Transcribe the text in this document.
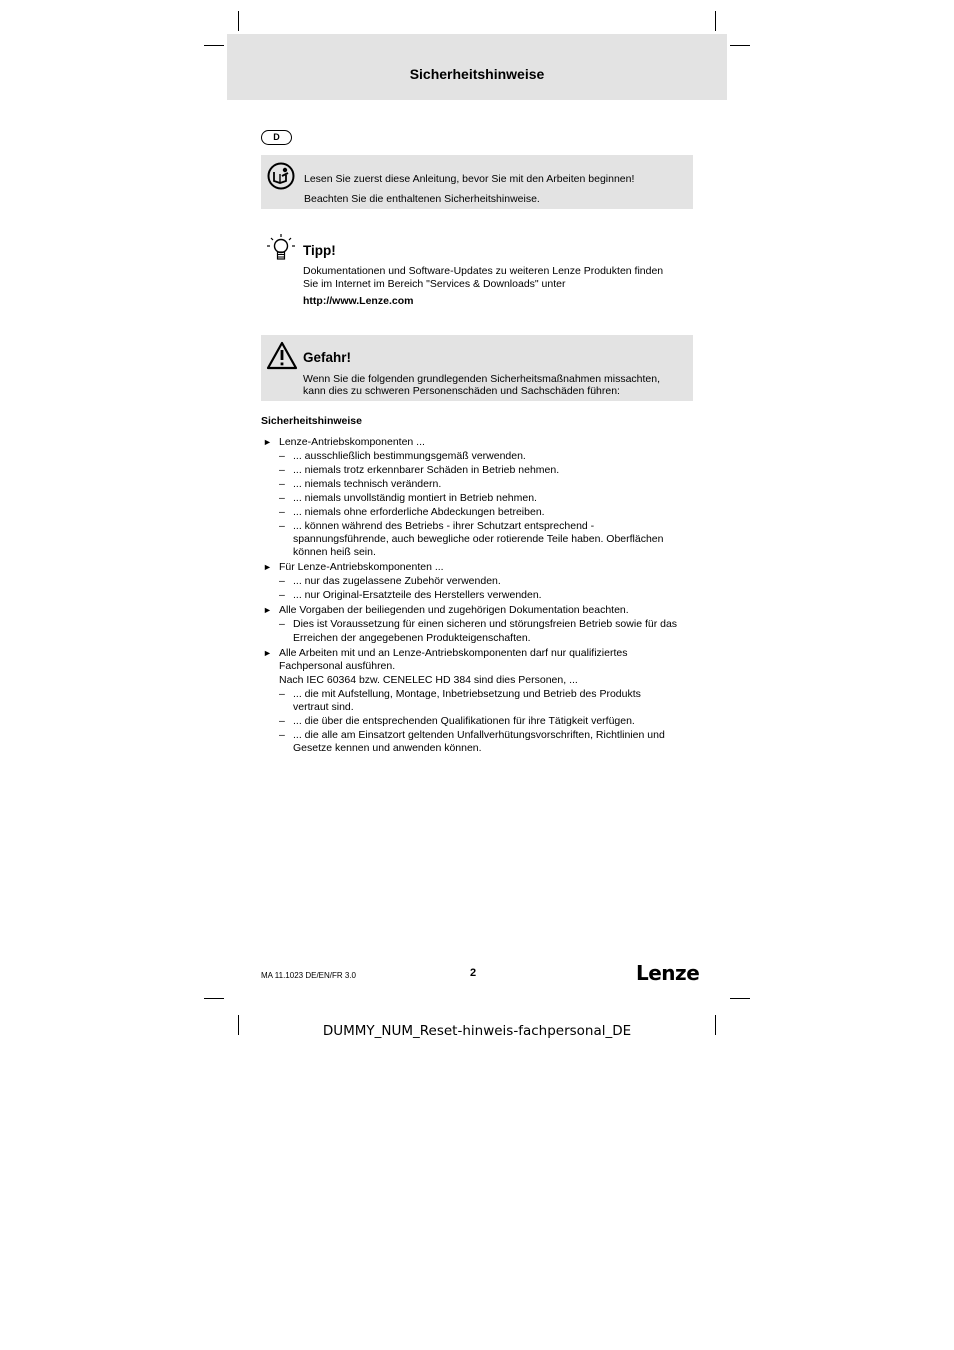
Sicherheitshinweise
D
Lesen Sie zuerst diese Anleitung, bevor Sie mit den Arbeiten beginnen!
Beachten Sie die enthaltenen Sicherheitshinweise.
Tipp!
Dokumentationen und Software-Updates zu weiteren Lenze Produkten finden
Sie im Internet im Bereich "Services & Downloads" unter
http://www.Lenze.com
Gefahr!
Wenn Sie die folgenden grundlegenden Sicherheitsmaßnahmen missachten,
kann dies zu schweren Personenschäden und Sachschäden führen:
Sicherheitshinweise
► Lenze-Antriebskomponenten ...
– ... ausschließlich bestimmungsgemäß verwenden.
– ... niemals trotz erkennbarer Schäden in Betrieb nehmen.
– ... niemals technisch verändern.
– ... niemals unvollständig montiert in Betrieb nehmen.
– ... niemals ohne erforderliche Abdeckungen betreiben.
– ... können während des Betriebs - ihrer Schutzart entsprechend -
spannungsführende, auch bewegliche oder rotierende Teile haben. Oberflächen
können heiß sein.
► Für Lenze-Antriebskomponenten ...
– ... nur das zugelassene Zubehör verwenden.
– ... nur Original-Ersatzteile des Herstellers verwenden.
► Alle Vorgaben der beiliegenden und zugehörigen Dokumentation beachten.
– Dies ist Voraussetzung für einen sicheren und störungsfreien Betrieb sowie für das
Erreichen der angegebenen Produkteigenschaften.
► Alle Arbeiten mit und an Lenze-Antriebskomponenten darf nur qualifiziertes
Fachpersonal ausführen.
Nach IEC 60364 bzw. CENELEC HD 384 sind dies Personen, ...
– ... die mit Aufstellung, Montage, Inbetriebsetzung und Betrieb des Produkts
vertraut sind.
– ... die über die entsprechenden Qualifikationen für ihre Tätigkeit verfügen.
– ... die alle am Einsatzort geltenden Unfallverhütungsvorschriften, Richtlinien und
Gesetze kennen und anwenden können.
MA 11.1023 DE/EN/FR 3.0	2	Lenze
DUMMY_NUM_Reset-hinweis-fachpersonal_DE
